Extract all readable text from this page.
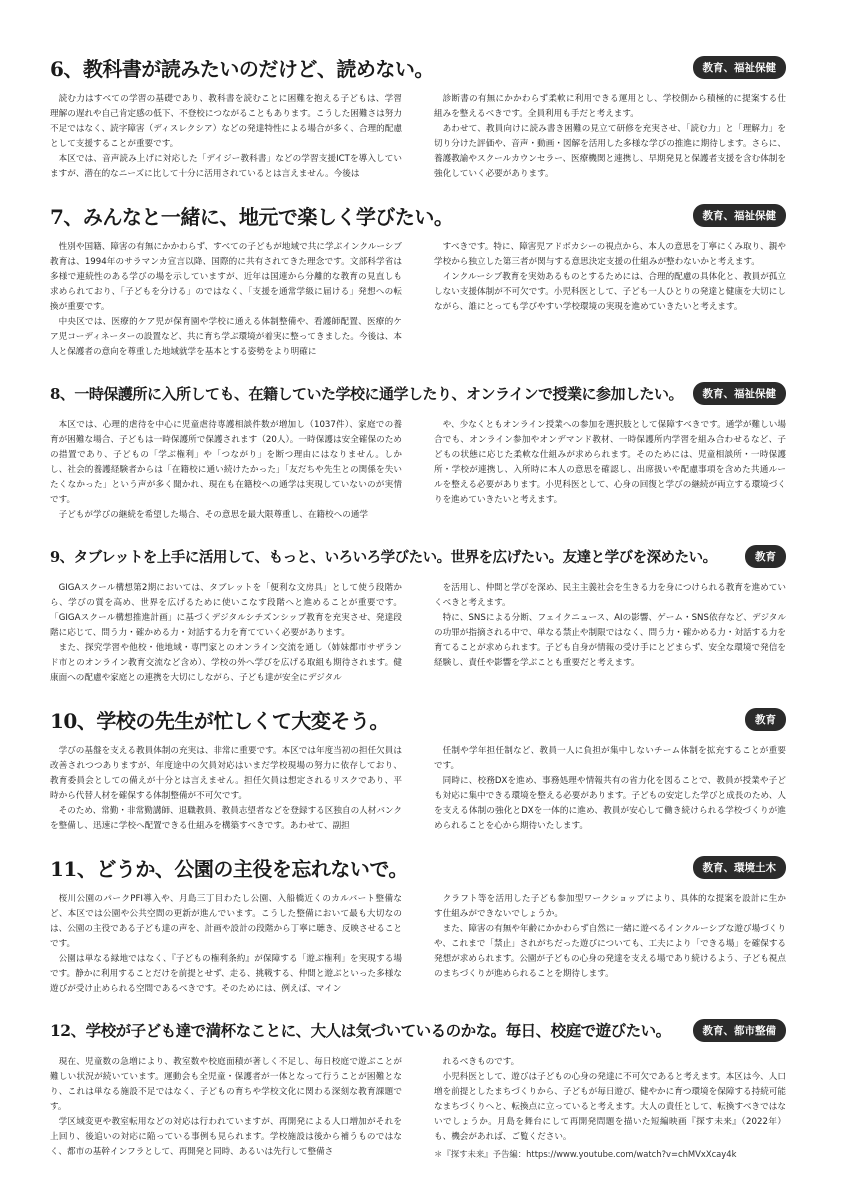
6、教科書が読みたいのだけど、読めない。	教育、福祉保健

読む力はすべての学習の基礎であり、教科書を読むことに困難を抱える子どもは、学習理解の遅れや自己肯定感の低下、不登校につながることもあります。こうした困難さは努力不足ではなく、読字障害（ディスレクシア）などの発達特性による場合が多く、合理的配慮として支援することが重要です。

本区では、音声読み上げに対応した「デイジー教科書」などの学習支援ICTを導入していますが、潜在的なニーズに比して十分に活用されているとは言えません。今後は

診断書の有無にかかわらず柔軟に利用できる運用とし、学校側から積極的に提案する仕組みを整えるべきです。全員利用も手だと考えます。

あわせて、教員向けに読み書き困難の見立て研修を充実させ、「読む力」と「理解力」を切り分けた評価や、音声・動画・図解を活用した多様な学びの推進に期待します。さらに、養護教諭やスクールカウンセラー、医療機関と連携し、早期発見と保護者支援を含む体制を強化していく必要があります。

7、みんなと一緒に、地元で楽しく学びたい。	教育、福祉保健

性別や国籍、障害の有無にかかわらず、すべての子どもが地域で共に学ぶインクルーシブ教育は、1994年のサラマンカ宣言以降、国際的に共有されてきた理念です。文部科学省は多様で連続性のある学びの場を示していますが、近年は国連から分離的な教育の見直しも求められており、「子どもを分ける」のではなく、「支援を通常学級に届ける」発想への転換が重要です。

中央区では、医療的ケア児が保育園や学校に通える体制整備や、看護師配置、医療的ケア児コーディネーターの設置など、共に育ち学ぶ環境が着実に整ってきました。今後は、本人と保護者の意向を尊重した地域就学を基本とする姿勢をより明確に

すべきです。特に、障害児アドボカシーの視点から、本人の意思を丁寧にくみ取り、親や学校から独立した第三者が関与する意思決定支援の仕組みが整わないかと考えます。

インクルーシブ教育を実効あるものとするためには、合理的配慮の具体化と、教員が孤立しない支援体制が不可欠です。小児科医として、子ども一人ひとりの発達と健康を大切にしながら、誰にとっても学びやすい学校環境の実現を進めていきたいと考えます。

8、一時保護所に入所しても、在籍していた学校に通学したり、オンラインで授業に参加したい。	教育、福祉保健

本区では、心理的虐待を中心に児童虐待専護相談件数が増加し（1037件）、家庭での養育が困難な場合、子どもは一時保護所で保護されます（20人）。一時保護は安全確保のための措置であり、子どもの「学ぶ権利」や「つながり」を断つ理由にはなりません。しかし、社会的養護経験者からは「在籍校に通い続けたかった」「友だちや先生との関係を失いたくなかった」という声が多く聞かれ、現在も在籍校への通学は実現していないのが実情です。

子どもが学びの継続を希望した場合、その意思を最大限尊重し、在籍校への通学

や、少なくともオンライン授業への参加を選択肢として保障すべきです。通学が難しい場合でも、オンライン参加やオンデマンド教材、一時保護所内学習を組み合わせるなど、子どもの状態に応じた柔軟な仕組みが求められます。そのためには、児童相談所・一時保護所・学校が連携し、入所時に本人の意思を確認し、出席扱いや配慮事項を含めた共通ルールを整える必要があります。小児科医として、心身の回復と学びの継続が両立する環境づくりを進めていきたいと考えます。

9、タブレットを上手に活用して、もっと、いろいろ学びたい。世界を広げたい。友達と学びを深めたい。	教育

GIGAスクール構想第2期においては、タブレットを「便利な文房具」として使う段階から、学びの質を高め、世界を広げるために使いこなす段階へと進めることが重要です。「GIGAスクール構想推進計画」に基づくデジタルシチズンシップ教育を充実させ、発達段階に応じて、問う力・確かめる力・対話する力を育てていく必要があります。

また、探究学習や他校・他地域・専門家とのオンライン交流を通し（姉妹都市サザランド市とのオンライン教育交流など含め）、学校の外へ学びを広げる取組も期待されます。健康面への配慮や家庭との連携を大切にしながら、子ども達が安全にデジタル

を活用し、仲間と学びを深め、民主主義社会を生きる力を身につけられる教育を進めていくべきと考えます。

特に、SNSによる分断、フェイクニュース、AIの影響、ゲーム・SNS依存など、デジタルの功罪が指摘される中で、単なる禁止や制限ではなく、問う力・確かめる力・対話する力を育てることが求められます。子ども自身が情報の受け手にとどまらず、安全な環境で発信を経験し、責任や影響を学ぶことも重要だと考えます。

10、学校の先生が忙しくて大変そう。	教育

学びの基盤を支える教員体制の充実は、非常に重要です。本区では年度当初の担任欠員は改善されつつありますが、年度途中の欠員対応はいまだ学校現場の努力に依存しており、教育委員会としての備えが十分とは言えません。担任欠員は想定されるリスクであり、平時から代替人材を確保する体制整備が不可欠です。

そのため、常勤・非常勤講師、退職教員、教員志望者などを登録する区独自の人材バンクを整備し、迅速に学校へ配置できる仕組みを構築すべきです。あわせて、副担

任制や学年担任制など、教員一人に負担が集中しないチーム体制を拡充することが重要です。

同時に、校務DXを進め、事務処理や情報共有の省力化を図ることで、教員が授業や子ども対応に集中できる環境を整える必要があります。子どもの安定した学びと成長のため、人を支える体制の強化とDXを一体的に進め、教員が安心して働き続けられる学校づくりが進められることを心から期待いたします。

11、どうか、公園の主役を忘れないで。	教育、環境土木

桜川公園のパークPFI導入や、月島三丁目わたし公園、入船橋近くのカルバート整備など、本区では公園や公共空間の更新が進んでいます。こうした整備において最も大切なのは、公園の主役である子ども達の声を、計画や設計の段階から丁寧に聴き、反映させることです。

公園は単なる緑地ではなく、『子どもの権利条約』が保障する「遊ぶ権利」を実現する場です。静かに利用することだけを前提とせず、走る、挑戦する、仲間と遊ぶといった多様な遊びが受け止められる空間であるべきです。そのためには、例えば、マイン

クラフト等を活用した子ども参加型ワークショップにより、具体的な提案を設計に生かす仕組みができないでしょうか。

また、障害の有無や年齢にかかわらず自然に一緒に遊べるインクルーシブな遊び場づくりや、これまで「禁止」されがちだった遊びについても、工夫により「できる場」を確保する発想が求められます。公園が子どもの心身の発達を支える場であり続けるよう、子ども視点のまちづくりが進められることを期待します。

12、学校が子ども達で満杯なことに、大人は気づいているのかな。毎日、校庭で遊びたい。	教育、都市整備

現在、児童数の急増により、教室数や校庭面積が著しく不足し、毎日校庭で遊ぶことが難しい状況が続いています。運動会も全児童・保護者が一体となって行うことが困難となり、これは単なる施設不足ではなく、子どもの育ちや学校文化に関わる深刻な教育課題です。

学区域変更や教室転用などの対応は行われていますが、再開発による人口増加がそれを上回り、後追いの対応に陥っている事例も見られます。学校施設は後から補うものではなく、都市の基幹インフラとして、再開発と同時、あるいは先行して整備さ

れるべきものです。

小児科医として、遊びは子どもの心身の発達に不可欠であると考えます。本区は今、人口増を前提としたまちづくりから、子どもが毎日遊び、健やかに育つ環境を保障する持続可能なまちづくりへと、転換点に立っていると考えます。大人の責任として、転換すべきではないでしょうか。月島を舞台にして再開発問題を描いた短編映画『探す未来』（2022年）も、機会があれば、ご覧ください。

＊『探す未来』予告編：https://www.youtube.com/watch?v=chMVxXcay4k
